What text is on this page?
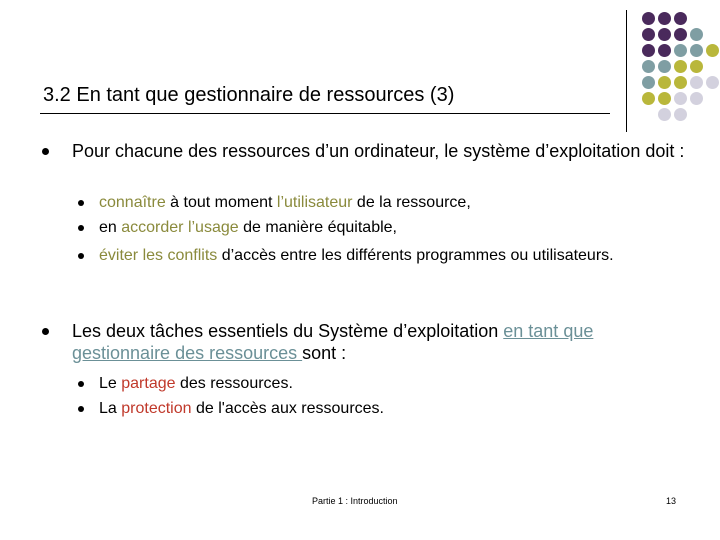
3.2 En tant que gestionnaire de ressources (3)
Pour chacune des ressources d’un ordinateur, le système d’exploitation doit :
connaître à tout moment l’utilisateur de la ressource,
en accorder l’usage de manière équitable,
éviter les conflits d’accès entre les différents programmes ou utilisateurs.
Les deux tâches essentiels du Système d’exploitation en tant que gestionnaire des ressources sont :
Le partage des ressources.
La protection de l'accès aux ressources.
Partie 1 : Introduction	13
